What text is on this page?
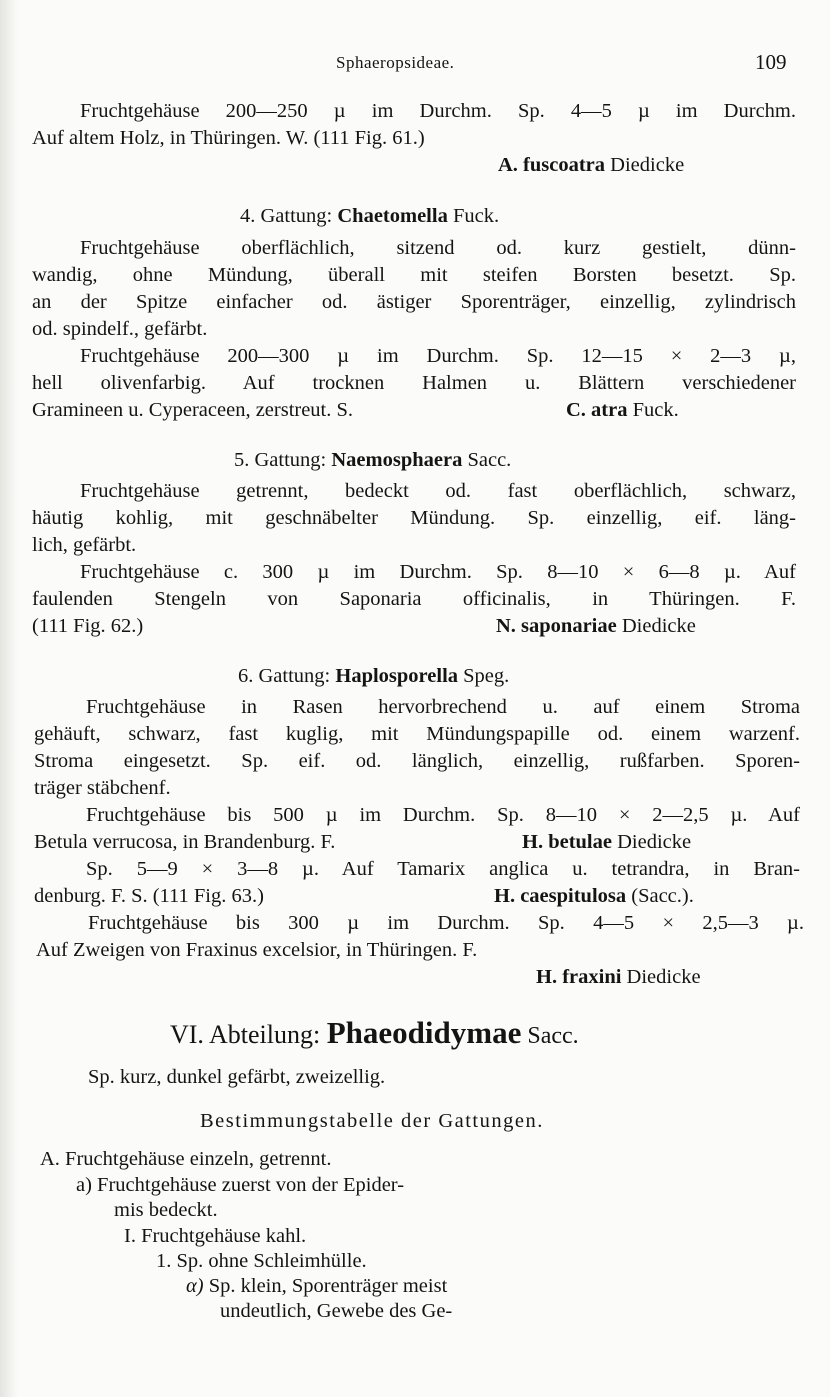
Sphaeropsideae.	109
Fruchtgehäuse 200—250 µ im Durchm. Sp. 4—5 µ im Durchm.
Auf altem Holz, in Thüringen. W. (111 Fig. 61.)
A. fuscoatra Diedicke
4. Gattung: Chaetomella Fuck.
Fruchtgehäuse oberflächlich, sitzend od. kurz gestielt, dünn-
wandig, ohne Mündung, überall mit steifen Borsten besetzt. Sp.
an der Spitze einfacher od. ästiger Sporenträger, einzellig, zylindrisch
od. spindelf., gefärbt.
Fruchtgehäuse 200—300 µ im Durchm. Sp. 12—15 × 2—3 µ,
hell olivenfarbig. Auf trocknen Halmen u. Blättern verschiedener
Gramineen u. Cyperaceen, zerstreut. S.	C. atra Fuck.
5. Gattung: Naemosphaera Sacc.
Fruchtgehäuse getrennt, bedeckt od. fast oberflächlich, schwarz,
häutig kohlig, mit geschnäbelter Mündung. Sp. einzellig, eif. läng-
lich, gefärbt.
Fruchtgehäuse c. 300 µ im Durchm. Sp. 8—10 × 6—8 µ. Auf
faulenden Stengeln von Saponaria officinalis, in Thüringen. F.
(111 Fig. 62.)	N. saponariae Diedicke
6. Gattung: Haplosporella Speg.
Fruchtgehäuse in Rasen hervorbrechend u. auf einem Stroma
gehäuft, schwarz, fast kuglig, mit Mündungspapille od. einem warzenf.
Stroma eingesetzt. Sp. eif. od. länglich, einzellig, rußfarben. Sporen-
träger stäbchenf.
Fruchtgehäuse bis 500 µ im Durchm. Sp. 8—10 × 2—2,5 µ. Auf
Betula verrucosa, in Brandenburg. F.	H. betulae Diedicke
Sp. 5—9 × 3—8 µ. Auf Tamarix anglica u. tetrandra, in Bran-
denburg. F. S. (111 Fig. 63.)	H. caespitulosa (Sacc.).
Fruchtgehäuse bis 300 µ im Durchm. Sp. 4—5 × 2,5—3 µ.
Auf Zweigen von Fraxinus excelsior, in Thüringen. F.
H. fraxini Diedicke
VI. Abteilung: Phaeodidymae Sacc.
Sp. kurz, dunkel gefärbt, zweizellig.
Bestimmungstabelle der Gattungen.
A. Fruchtgehäuse einzeln, getrennt.
a) Fruchtgehäuse zuerst von der Epider-
mis bedeckt.
I. Fruchtgehäuse kahl.
1. Sp. ohne Schleimhülle.
α) Sp. klein, Sporenträger meist
undeutlich, Gewebe des Ge-
